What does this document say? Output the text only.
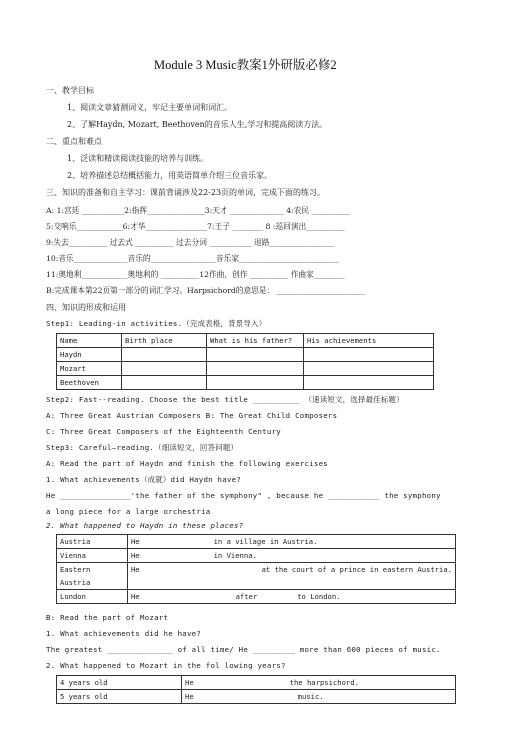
Module 3 Music教案1外研版必修2
一、教学目标
1、阅读文章猜测词义，牢记主要单词和词汇。
2、了解Haydn, Mozart, Beethoven的音乐人生,学习和提高阅读方法。
二、重点和难点
1、泛读和精读阅读技能的培养与训练。
2、培养描述总结概括能力，用英语简单介绍三位音乐家。
三、知识的准备和自主学习：课前背诵涉及22-23页的单词，完成下面的练习。
A: 1:宫廷 ___________2:指挥_______________3:天才 ______________ 4:农民 __________
5:交响乐____________6:才华________________7:王子 ________ 8 :巡回演出__________
9:失去__________ 过去式 __________ 过去分词 ___________ 退路_________________
10:音乐______________音乐的_________________音乐家__________________________
11:奥地利____________奥地利的 __________12作曲，创作 __________ 作曲家________
B:完成课本第22页第一部分的词汇学习。Harpsichord的意思是： _______________________
四、知识的形成和运用
Step1: Leading-in activities.（完成表格，背景导入）
Name	Birth place	What is his father?	His achievements
Haydn			
Mozart			
Beethoven			
Step2: Fast--reading. Choose the best title __________ （速读短文，选择最佳标题）
A: Three Great Austrian Composers B: The Great Child Composers
C: Three Great Composers of the Eighteenth Century
Step3: Careful—reading.（细读短文，回答问题）
A: Read the part of Haydn and finish the following exercises
1. What achievements（成就）did Haydn have?
He _______________'the father of the symphony" , because he ___________ the symphony
a long piece for a large orchestria
2. What happened to Haydn in these places?
Austria	He in a village in Austria.
Vienna	He in Vienna.
Eastern	He at the court of a prince in eastern Austria.
Austria	
London	He after to London.
B: Read the part of Mozart
1. What achievements did he have?
The greatest ______________ of all time/ He _________ more than 600 pieces of music.
2. What happened to Mozart in the fol lowing years?
4 years old	He the harpsichord.
5 years old	He music.
